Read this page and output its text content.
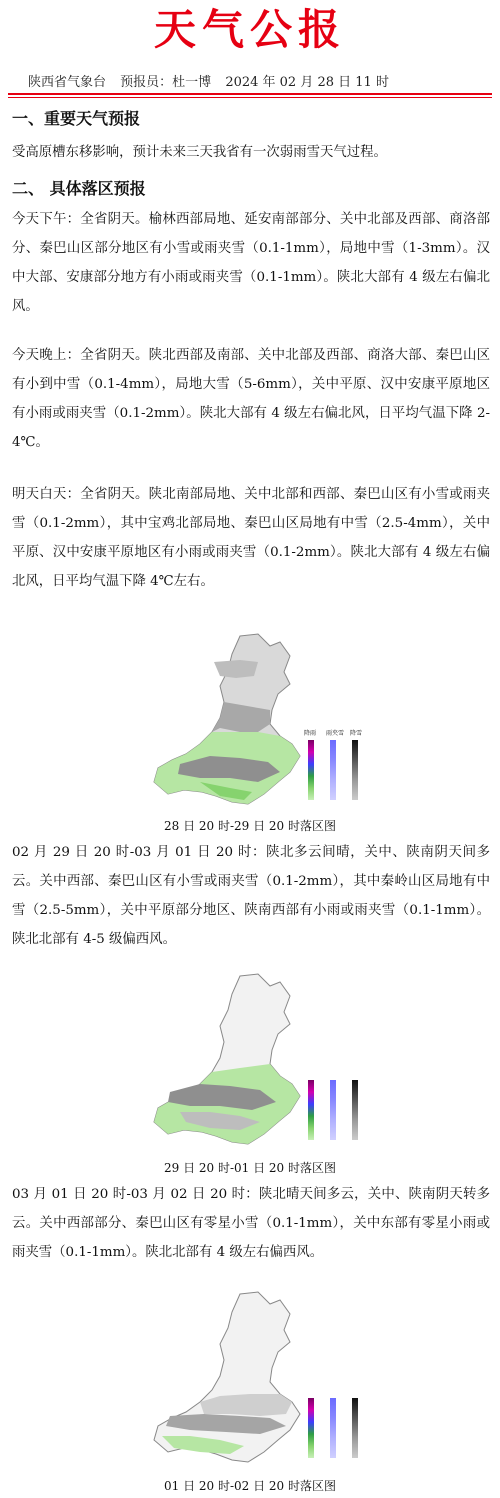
天气公报
陕西省气象台 预报员：杜一博 2024 年 02 月 28 日 11 时
一、重要天气预报
受高原槽东移影响，预计未来三天我省有一次弱雨雪天气过程。
二、 具体落区预报
今天下午：全省阴天。榆林西部局地、延安南部部分、关中北部及西部、商洛部分、秦巴山区部分地区有小雪或雨夹雪（0.1-1mm），局地中雪（1-3mm）。汉中大部、安康部分地方有小雨或雨夹雪（0.1-1mm）。陕北大部有 4 级左右偏北风。
今天晚上：全省阴天。陕北西部及南部、关中北部及西部、商洛大部、秦巴山区有小到中雪（0.1-4mm），局地大雪（5-6mm），关中平原、汉中安康平原地区有小雨或雨夹雪（0.1-2mm）。陕北大部有 4 级左右偏北风，日平均气温下降 2-4℃。
明天白天：全省阴天。陕北南部局地、关中北部和西部、秦巴山区有小雪或雨夹雪（0.1-2mm），其中宝鸡北部局地、秦巴山区局地有中雪（2.5-4mm），关中平原、汉中安康平原地区有小雨或雨夹雪（0.1-2mm）。陕北大部有 4 级左右偏北风，日平均气温下降 4℃左右。
降雨 雨夹雪 降雪
28 日 20 时-29 日 20 时落区图
02 月 29 日 20 时-03 月 01 日 20 时：陕北多云间晴，关中、陕南阴天间多云。关中西部、秦巴山区有小雪或雨夹雪（0.1-2mm），其中秦岭山区局地有中雪（2.5-5mm），关中平原部分地区、陕南西部有小雨或雨夹雪（0.1-1mm）。陕北北部有 4-5 级偏西风。
29 日 20 时-01 日 20 时落区图
03 月 01 日 20 时-03 月 02 日 20 时：陕北晴天间多云，关中、陕南阴天转多云。关中西部部分、秦巴山区有零星小雪（0.1-1mm），关中东部有零星小雨或雨夹雪（0.1-1mm）。陕北北部有 4 级左右偏西风。
01 日 20 时-02 日 20 时落区图
